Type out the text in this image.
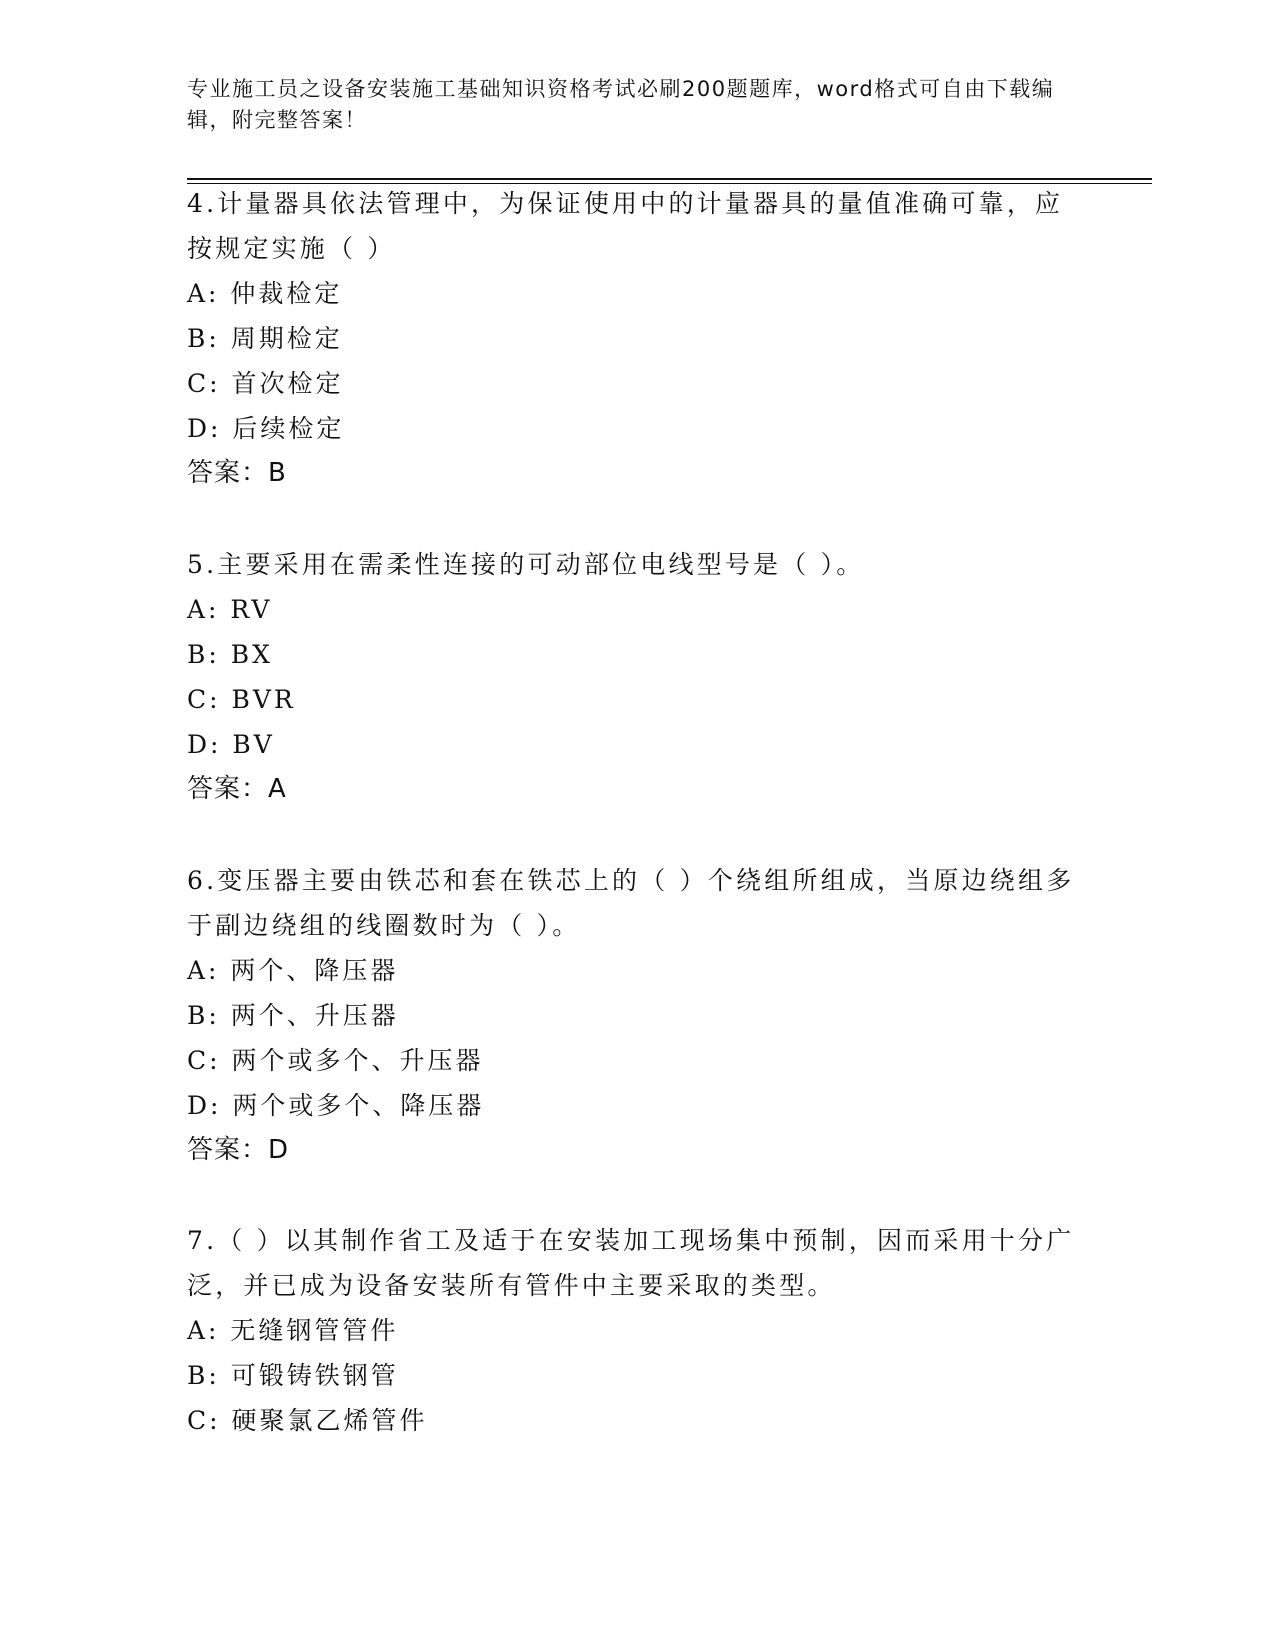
专业施工员之设备安装施工基础知识资格考试必刷200题题库，word格式可自由下载编辑，附完整答案！
4.计量器具依法管理中，为保证使用中的计量器具的量值准确可靠，应按规定实施（ ）
A: 仲裁检定
B: 周期检定
C: 首次检定
D: 后续检定
答案：B
5.主要采用在需柔性连接的可动部位电线型号是（ ）。
A: RV
B: BX
C: BVR
D: BV
答案：A
6.变压器主要由铁芯和套在铁芯上的（ ）个绕组所组成，当原边绕组多于副边绕组的线圈数时为（ ）。
A: 两个、降压器
B: 两个、升压器
C: 两个或多个、升压器
D: 两个或多个、降压器
答案：D
7.（ ）以其制作省工及适于在安装加工现场集中预制，因而采用十分广泛，并已成为设备安装所有管件中主要采取的类型。
A: 无缝钢管管件
B: 可锻铸铁钢管
C: 硬聚氯乙烯管件
